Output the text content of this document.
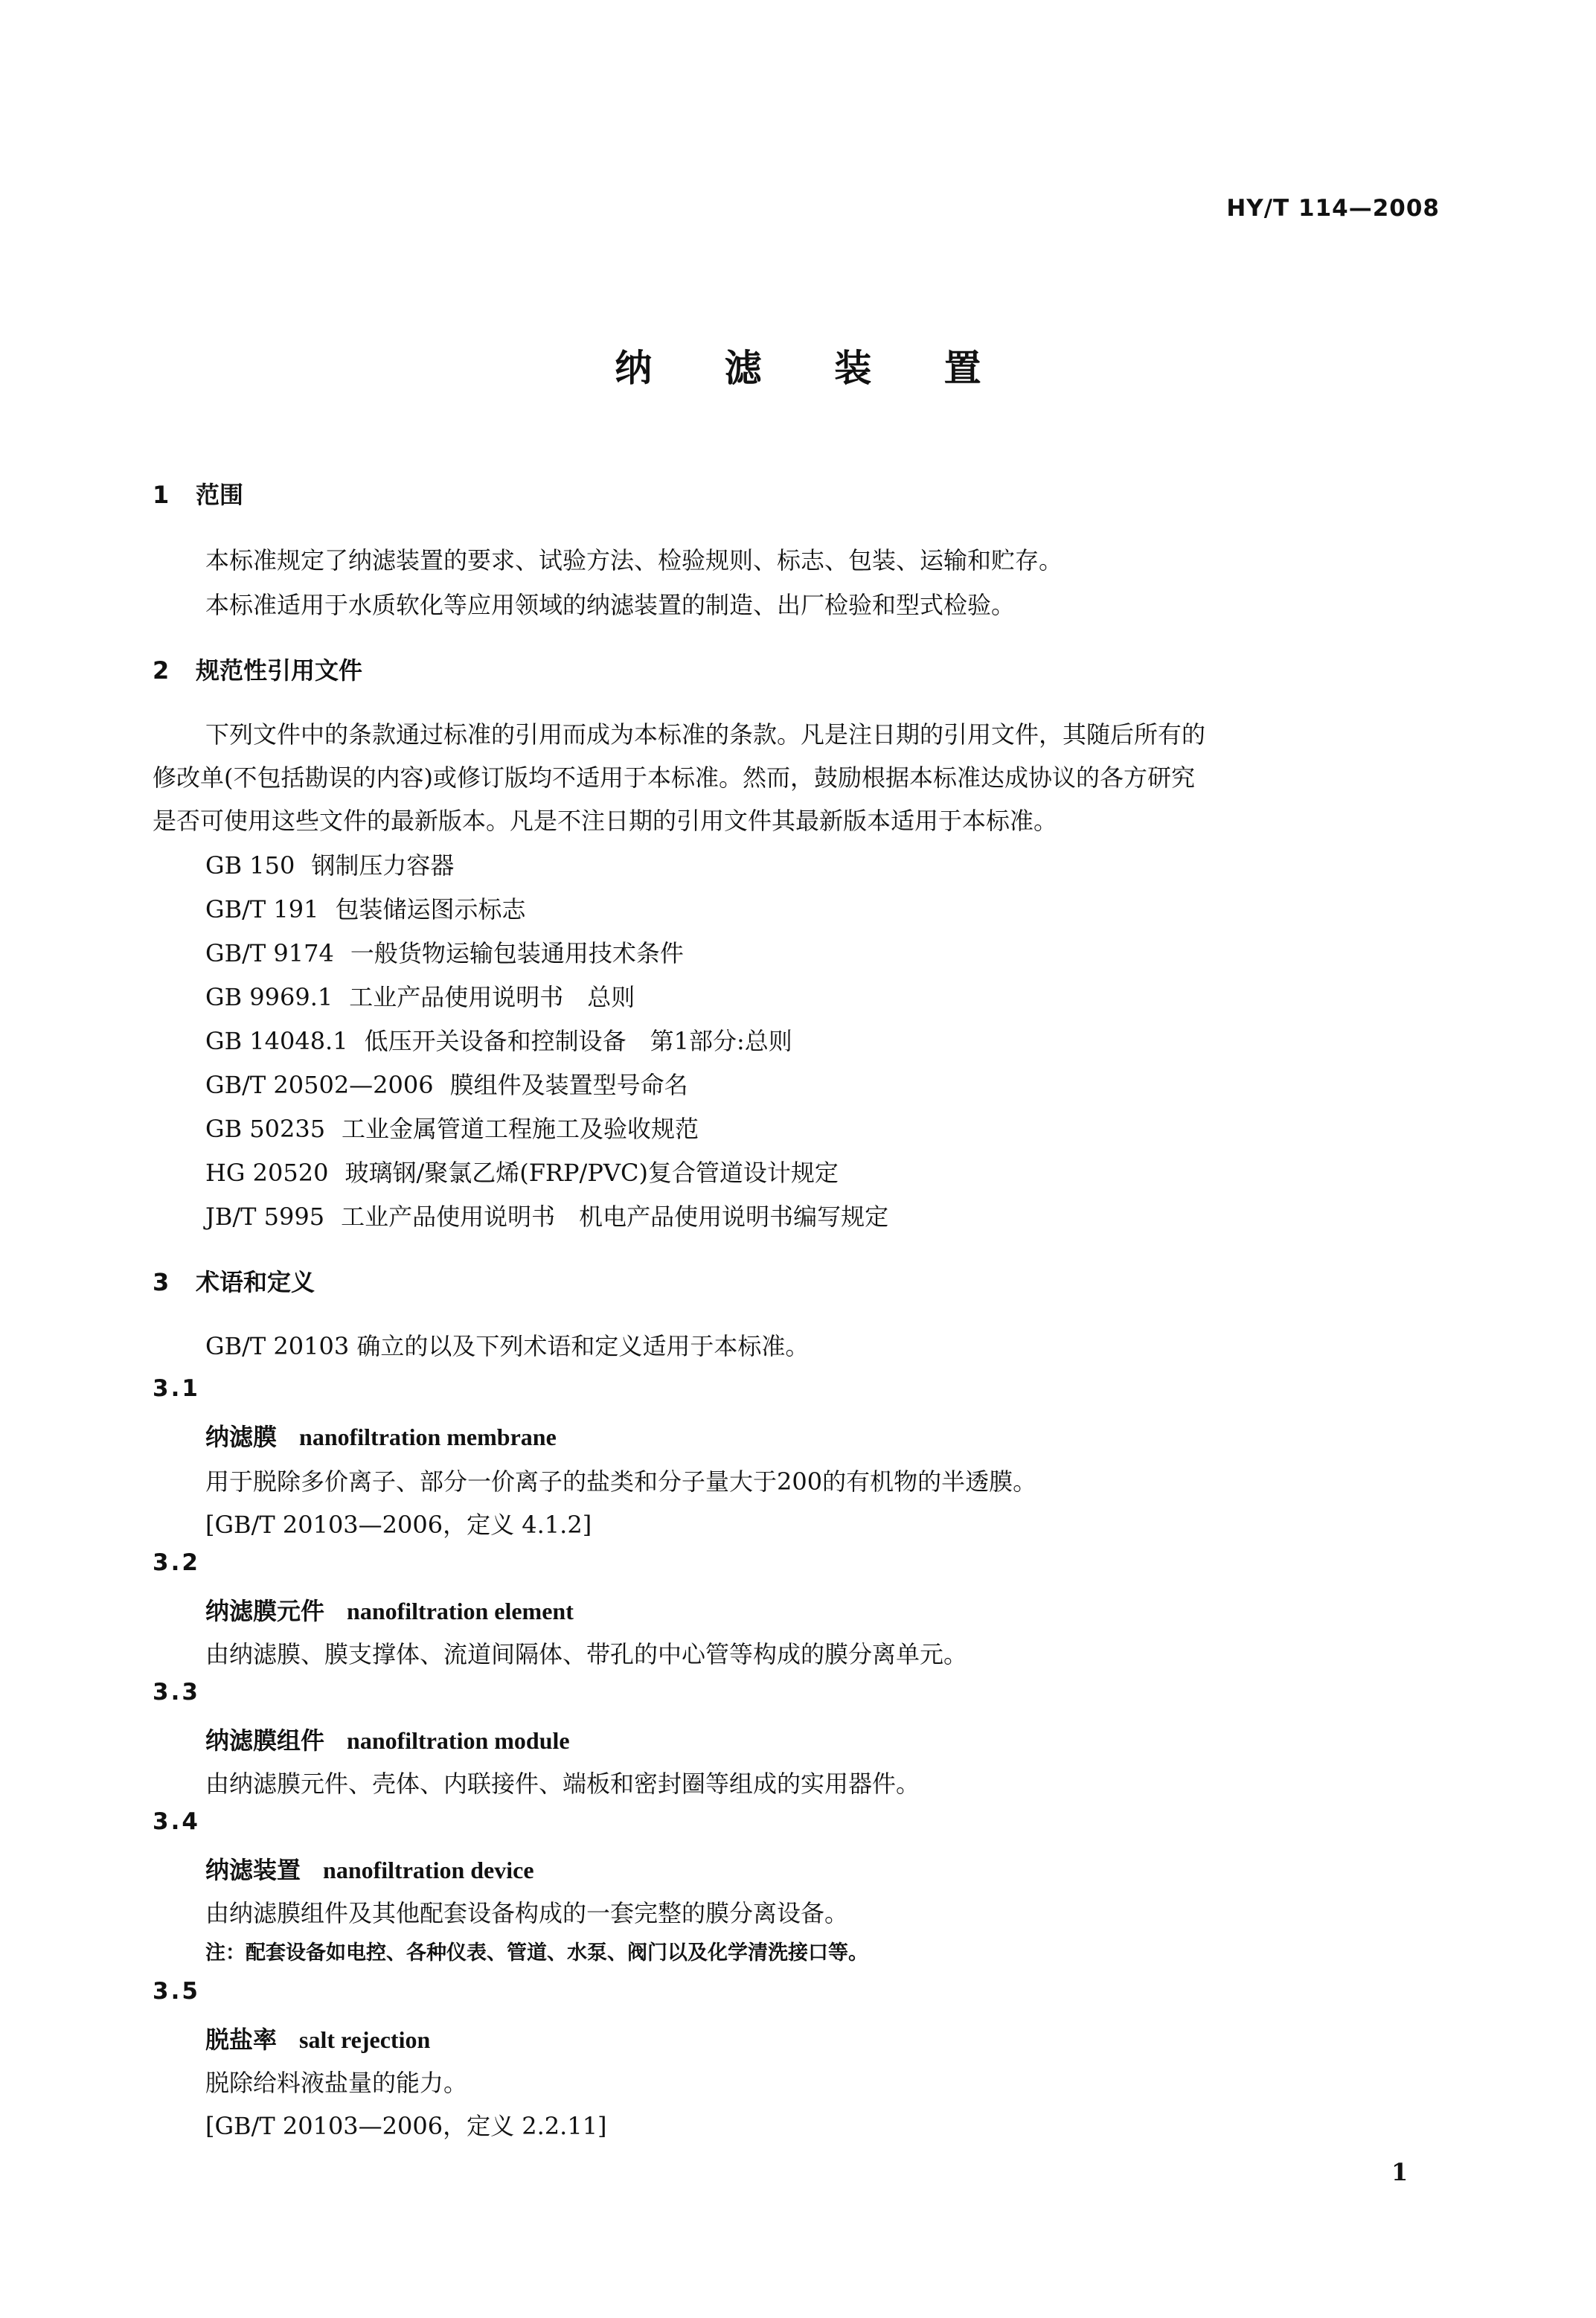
HY/T 114—2008
纳 滤 装 置
1 范围
本标准规定了纳滤装置的要求、试验方法、检验规则、标志、包装、运输和贮存。
本标准适用于水质软化等应用领域的纳滤装置的制造、出厂检验和型式检验。
2 规范性引用文件
下列文件中的条款通过标准的引用而成为本标准的条款。凡是注日期的引用文件，其随后所有的
修改单(不包括勘误的内容)或修订版均不适用于本标准。然而，鼓励根据本标准达成协议的各方研究
是否可使用这些文件的最新版本。凡是不注日期的引用文件其最新版本适用于本标准。
GB 150 钢制压力容器
GB/T 191 包装储运图示标志
GB/T 9174 一般货物运输包装通用技术条件
GB 9969.1 工业产品使用说明书　总则
GB 14048.1 低压开关设备和控制设备　第1部分:总则
GB/T 20502—2006 膜组件及装置型号命名
GB 50235 工业金属管道工程施工及验收规范
HG 20520 玻璃钢/聚氯乙烯(FRP/PVC)复合管道设计规定
JB/T 5995 工业产品使用说明书　机电产品使用说明书编写规定
3 术语和定义
GB/T 20103 确立的以及下列术语和定义适用于本标准。
3.1
纳滤膜 nanofiltration membrane
用于脱除多价离子、部分一价离子的盐类和分子量大于200的有机物的半透膜。
[GB/T 20103—2006，定义 4.1.2]
3.2
纳滤膜元件 nanofiltration element
由纳滤膜、膜支撑体、流道间隔体、带孔的中心管等构成的膜分离单元。
3.3
纳滤膜组件 nanofiltration module
由纳滤膜元件、壳体、内联接件、端板和密封圈等组成的实用器件。
3.4
纳滤装置 nanofiltration device
由纳滤膜组件及其他配套设备构成的一套完整的膜分离设备。
注：配套设备如电控、各种仪表、管道、水泵、阀门以及化学清洗接口等。
3.5
脱盐率 salt rejection
脱除给料液盐量的能力。
[GB/T 20103—2006，定义 2.2.11]
1
